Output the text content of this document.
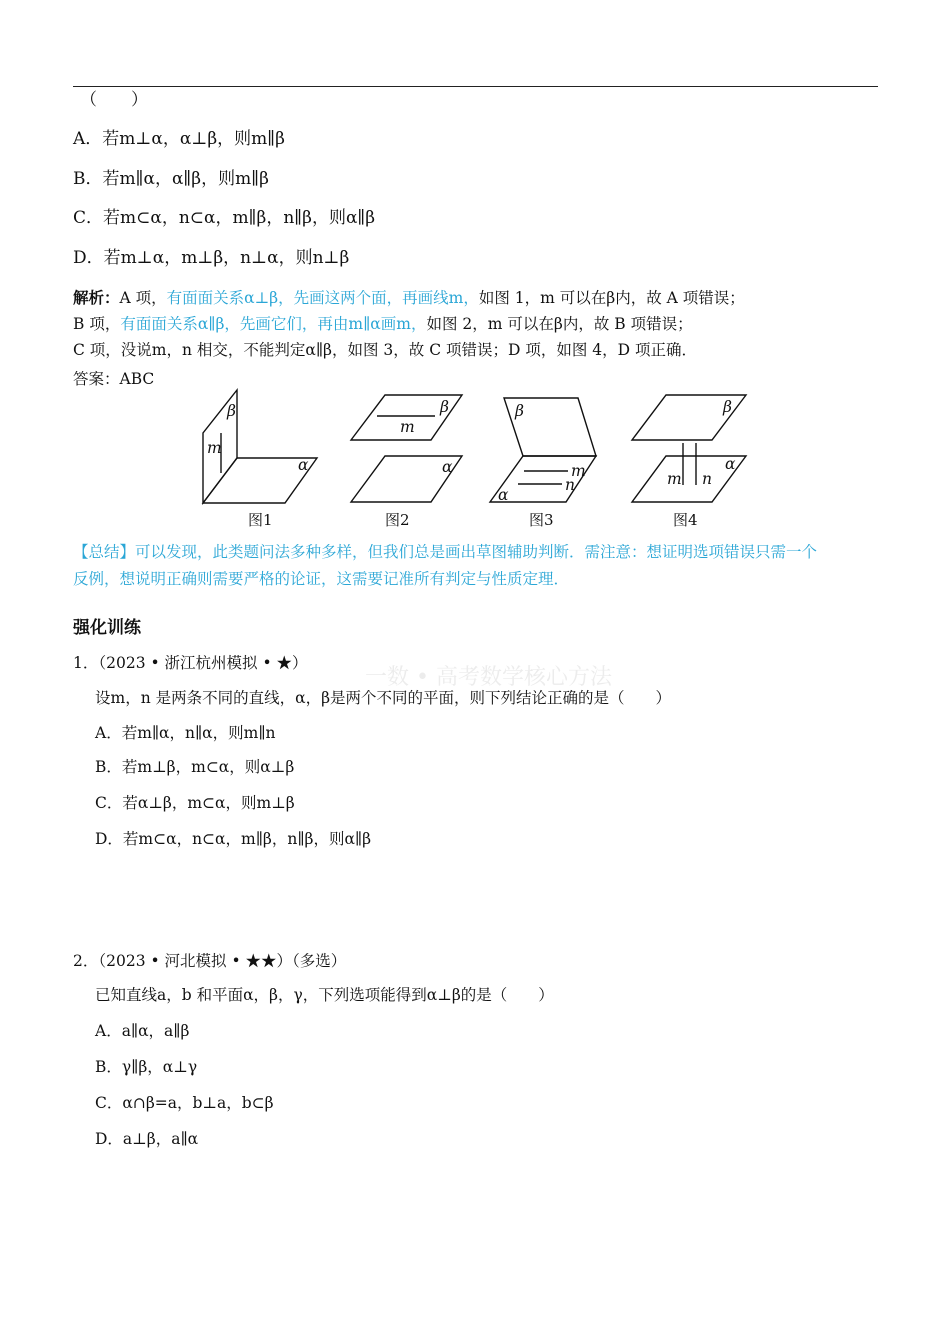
（　　）
A．若m⊥α，α⊥β，则m∥β
B．若m∥α，α∥β，则m∥β
C．若m⊂α，n⊂α，m∥β，n∥β，则α∥β
D．若m⊥α，m⊥β，n⊥α，则n⊥β
解析：A 项，有面面关系α⊥β，先画这两个面，再画线m，如图 1，m 可以在β内，故 A 项错误；
B 项，有面面关系α∥β，先画它们，再由m∥α画m，如图 2，m 可以在β内，故 B 项错误；
C 项，没说m，n 相交，不能判定α∥β，如图 3，故 C 项错误；D 项，如图 4，D 项正确．
答案：ABC
β
m
α
图1
β
m
α
图2
β
m
n
α
图3
β
α
m n
图4
【总结】可以发现，此类题问法多种多样，但我们总是画出草图辅助判断．需注意：想证明选项错误只需一个
反例，想说明正确则需要严格的论证，这需要记准所有判定与性质定理．
强化训练
一数 • 高考数学核心方法
1．（2023 • 浙江杭州模拟 • ★）
设m，n 是两条不同的直线，α，β是两个不同的平面，则下列结论正确的是（　　）
A．若m∥α，n∥α，则m∥n
B．若m⊥β，m⊂α，则α⊥β
C．若α⊥β，m⊂α，则m⊥β
D．若m⊂α，n⊂α，m∥β，n∥β，则α∥β
2．（2023 • 河北模拟 • ★★）（多选）
已知直线a，b 和平面α，β，γ，下列选项能得到α⊥β的是（　　）
A．a∥α，a∥β
B．γ∥β，α⊥γ
C．α∩β=a，b⊥a，b⊂β
D．a⊥β，a∥α
